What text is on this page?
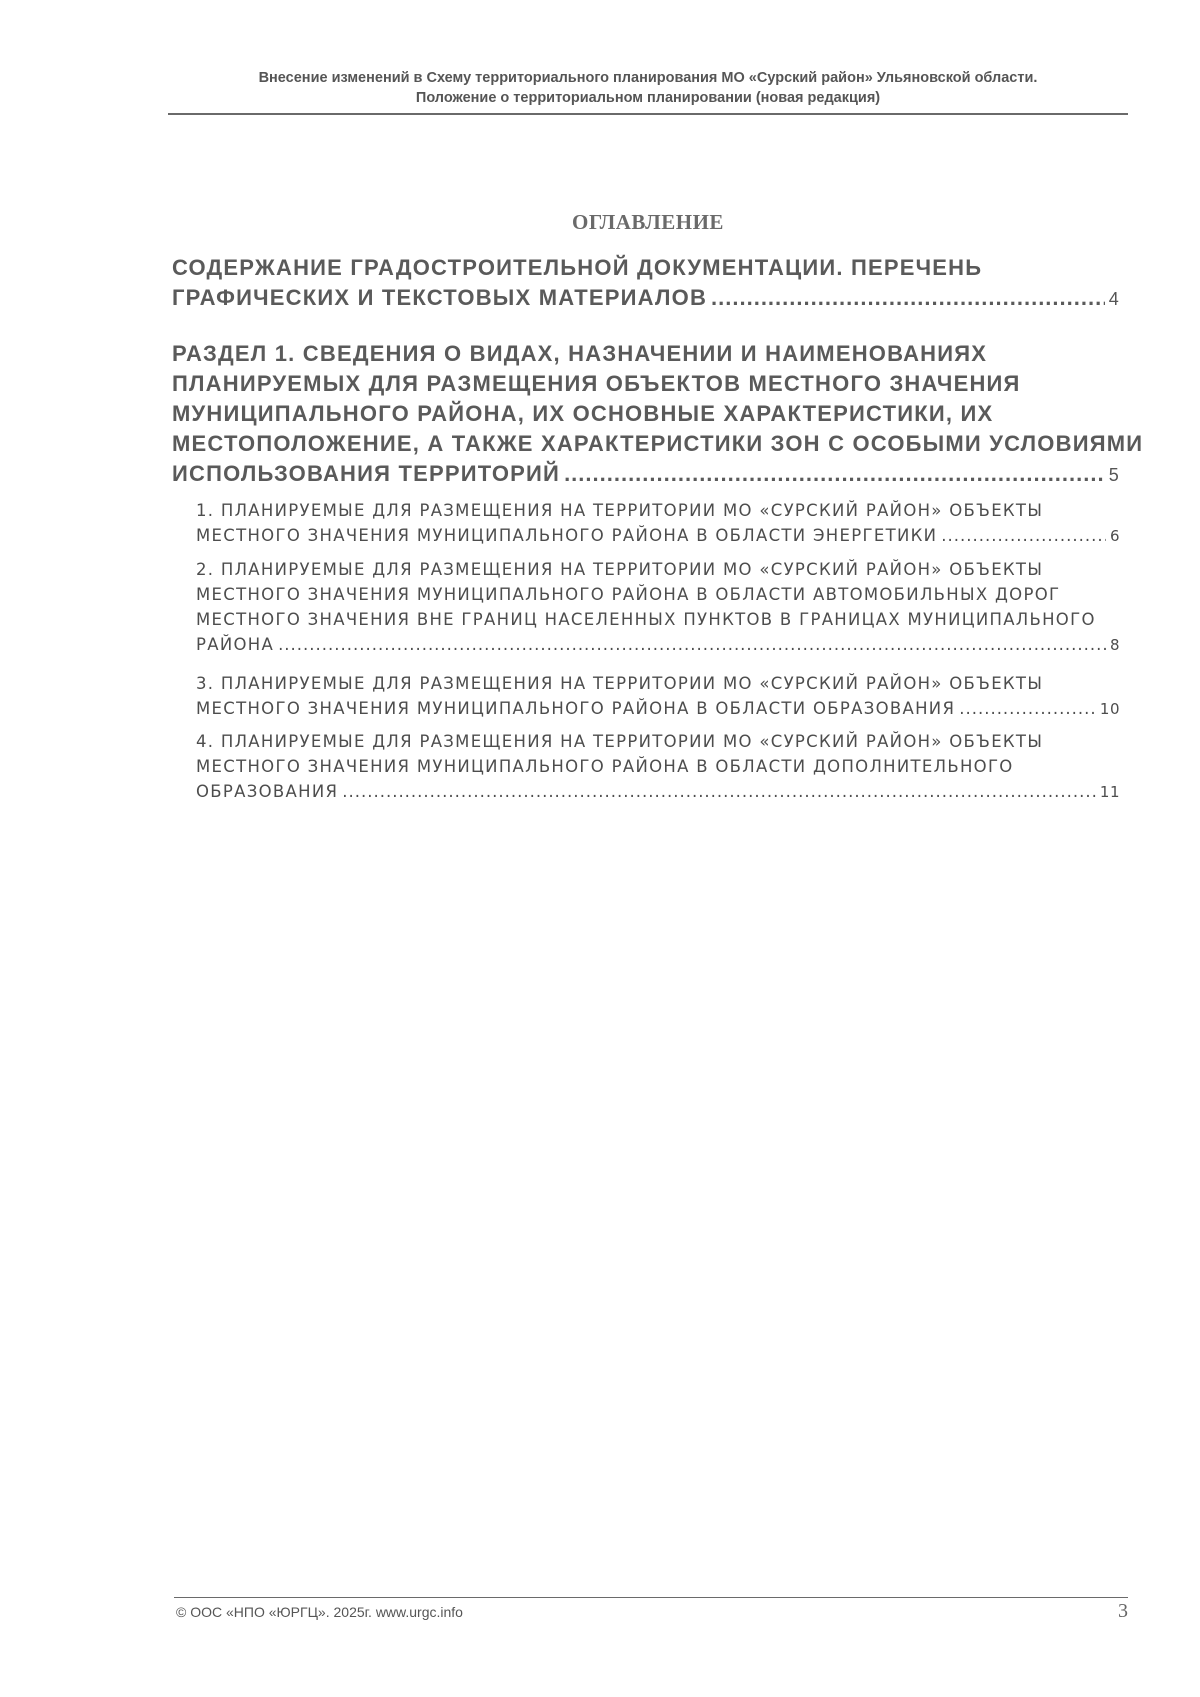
Внесение изменений в Схему территориального планирования МО «Сурский район» Ульяновской области.
Положение о территориальном планировании (новая редакция)
ОГЛАВЛЕНИЕ
СОДЕРЖАНИЕ ГРАДОСТРОИТЕЛЬНОЙ ДОКУМЕНТАЦИИ. ПЕРЕЧЕНЬ
ГРАФИЧЕСКИХ И ТЕКСТОВЫХ МАТЕРИАЛОВ .....	4
РАЗДЕЛ 1. СВЕДЕНИЯ О ВИДАХ, НАЗНАЧЕНИИ И НАИМЕНОВАНИЯХ
ПЛАНИРУЕМЫХ ДЛЯ РАЗМЕЩЕНИЯ ОБЪЕКТОВ МЕСТНОГО ЗНАЧЕНИЯ
МУНИЦИПАЛЬНОГО РАЙОНА, ИХ ОСНОВНЫЕ ХАРАКТЕРИСТИКИ, ИХ
МЕСТОПОЛОЖЕНИЕ, А ТАКЖЕ ХАРАКТЕРИСТИКИ ЗОН С ОСОБЫМИ УСЛОВИЯМИ
ИСПОЛЬЗОВАНИЯ ТЕРРИТОРИЙ .....	5
1. ПЛАНИРУЕМЫЕ ДЛЯ РАЗМЕЩЕНИЯ НА ТЕРРИТОРИИ МО «СУРСКИЙ РАЙОН» ОБЪЕКТЫ
МЕСТНОГО ЗНАЧЕНИЯ МУНИЦИПАЛЬНОГО РАЙОНА В ОБЛАСТИ ЭНЕРГЕТИКИ .....	6
2. ПЛАНИРУЕМЫЕ ДЛЯ РАЗМЕЩЕНИЯ НА ТЕРРИТОРИИ МО «СУРСКИЙ РАЙОН» ОБЪЕКТЫ
МЕСТНОГО ЗНАЧЕНИЯ МУНИЦИПАЛЬНОГО РАЙОНА В ОБЛАСТИ АВТОМОБИЛЬНЫХ ДОРОГ
МЕСТНОГО ЗНАЧЕНИЯ ВНЕ ГРАНИЦ НАСЕЛЕННЫХ ПУНКТОВ В ГРАНИЦАХ МУНИЦИПАЛЬНОГО
РАЙОНА .....	8
3. ПЛАНИРУЕМЫЕ ДЛЯ РАЗМЕЩЕНИЯ НА ТЕРРИТОРИИ МО «СУРСКИЙ РАЙОН» ОБЪЕКТЫ
МЕСТНОГО ЗНАЧЕНИЯ МУНИЦИПАЛЬНОГО РАЙОНА В ОБЛАСТИ ОБРАЗОВАНИЯ .....	10
4. ПЛАНИРУЕМЫЕ ДЛЯ РАЗМЕЩЕНИЯ НА ТЕРРИТОРИИ МО «СУРСКИЙ РАЙОН» ОБЪЕКТЫ
МЕСТНОГО ЗНАЧЕНИЯ МУНИЦИПАЛЬНОГО РАЙОНА В ОБЛАСТИ ДОПОЛНИТЕЛЬНОГО
ОБРАЗОВАНИЯ .....	11
© ООС «НПО «ЮРГЦ». 2025г. www.urgc.info	3
